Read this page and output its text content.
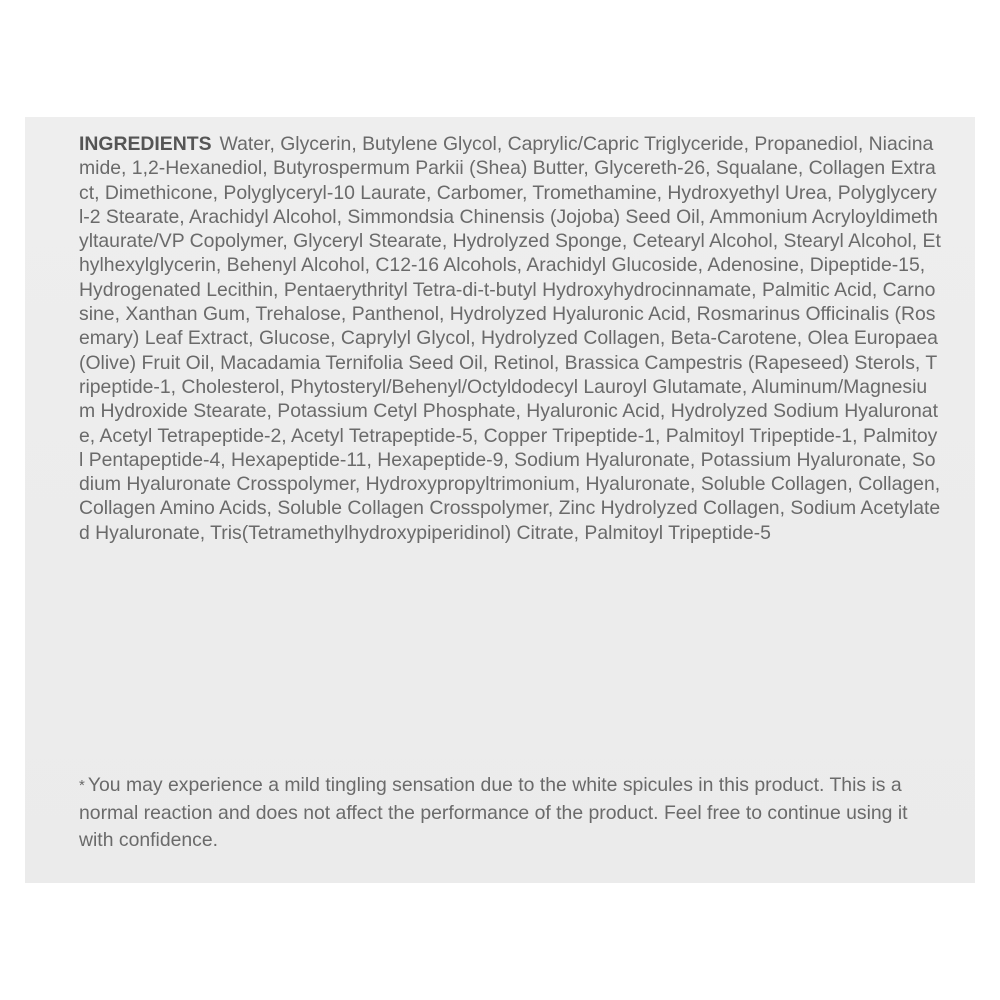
INGREDIENTS Water, Glycerin, Butylene Glycol, Caprylic/Capric Triglyceride, Propanediol, Niacinamide, 1,2-Hexanediol, Butyrospermum Parkii (Shea) Butter, Glycereth-26, Squalane, Collagen Extract, Dimethicone, Polyglyceryl-10 Laurate, Carbomer, Tromethamine, Hydroxyethyl Urea, Polyglyceryl-2 Stearate, Arachidyl Alcohol, Simmondsia Chinensis (Jojoba) Seed Oil, Ammonium Acryloyldimethyltaurate/VP Copolymer, Glyceryl Stearate, Hydrolyzed Sponge, Cetearyl Alcohol, Stearyl Alcohol, Ethylhexylglycerin, Behenyl Alcohol, C12-16 Alcohols, Arachidyl Glucoside, Adenosine, Dipeptide-15, Hydrogenated Lecithin, Pentaerythrityl Tetra-di-t-butyl Hydroxyhydrocinnamate, Palmitic Acid, Carnosine, Xanthan Gum, Trehalose, Panthenol, Hydrolyzed Hyaluronic Acid, Rosmarinus Officinalis (Rosemary) Leaf Extract, Glucose, Caprylyl Glycol, Hydrolyzed Collagen, Beta-Carotene, Olea Europaea (Olive) Fruit Oil, Macadamia Ternifolia Seed Oil, Retinol, Brassica Campestris (Rapeseed) Sterols, Tripeptide-1, Cholesterol, Phytosteryl/Behenyl/Octyldodecyl Lauroyl Glutamate, Aluminum/Magnesium Hydroxide Stearate, Potassium Cetyl Phosphate, Hyaluronic Acid, Hydrolyzed Sodium Hyaluronate, Acetyl Tetrapeptide-2, Acetyl Tetrapeptide-5, Copper Tripeptide-1, Palmitoyl Tripeptide-1, Palmitoyl Pentapeptide-4, Hexapeptide-11, Hexapeptide-9, Sodium Hyaluronate, Potassium Hyaluronate, Sodium Hyaluronate Crosspolymer, Hydroxypropyltrimonium, Hyaluronate, Soluble Collagen, Collagen, Collagen Amino Acids, Soluble Collagen Crosspolymer, Zinc Hydrolyzed Collagen, Sodium Acetylated Hyaluronate, Tris(Tetramethylhydroxypiperidinol) Citrate, Palmitoyl Tripeptide-5

* You may experience a mild tingling sensation due to the white spicules in this product. This is a normal reaction and does not affect the performance of the product. Feel free to continue using it with confidence.
